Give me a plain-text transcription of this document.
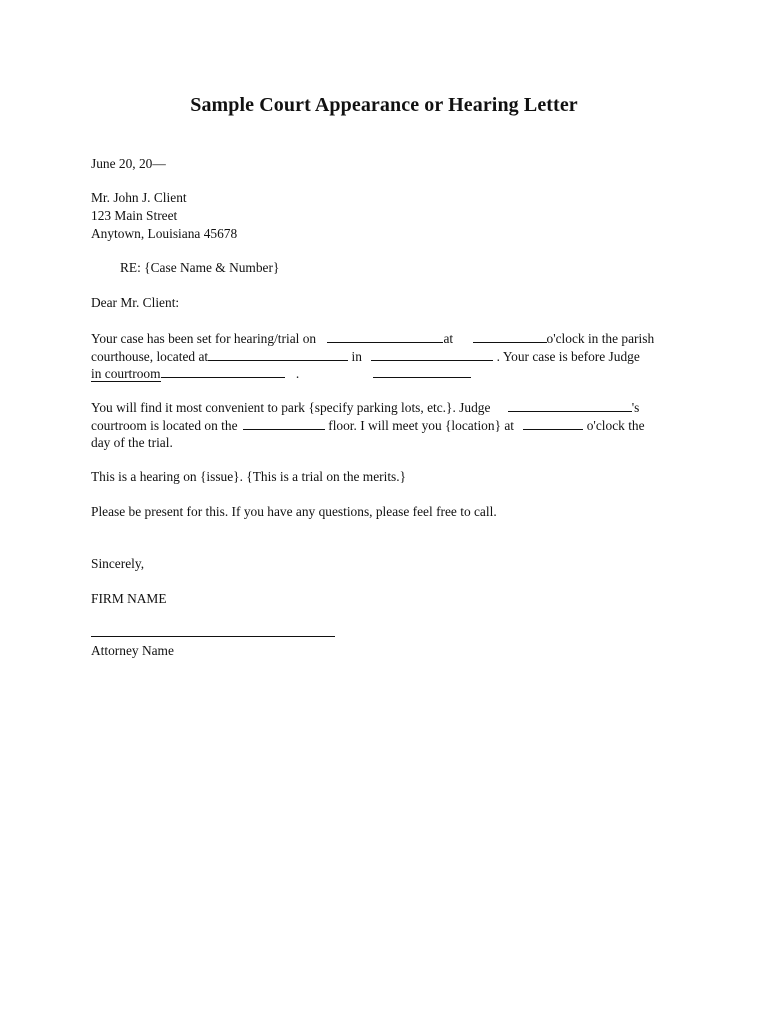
Sample Court Appearance or Hearing Letter
June 20, 20—
Mr. John J. Client
123 Main Street
Anytown, Louisiana 45678
RE: {Case Name & Number}
Dear Mr. Client:
Your case has been set for hearing/trial on	at	o'clock in the parish
courthouse, located at	in	. Your case is before Judge
in courtroom	.
You will find it most convenient to park {specify parking lots, etc.}. Judge	's
courtroom is located on the	floor. I will meet you {location} at	o'clock the
day of the trial.
This is a hearing on {issue}. {This is a trial on the merits.}
Please be present for this. If you have any questions, please feel free to call.
Sincerely,
FIRM NAME
Attorney Name
